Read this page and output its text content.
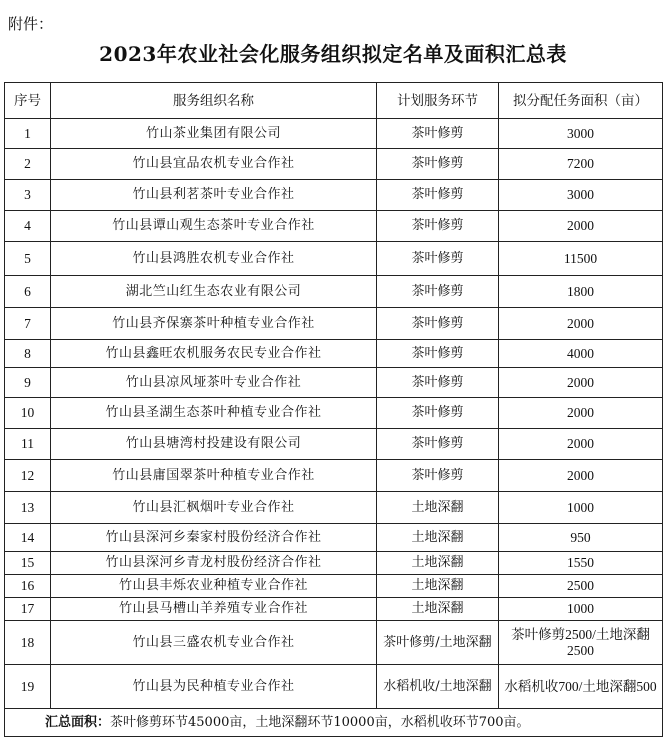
附件：
2023年农业社会化服务组织拟定名单及面积汇总表
序号	服务组织名称	计划服务环节	拟分配任务面积（亩）
1	竹山茶业集团有限公司	茶叶修剪	3000
2	竹山县宜品农机专业合作社	茶叶修剪	7200
3	竹山县利茗茶叶专业合作社	茶叶修剪	3000
4	竹山县谭山观生态茶叶专业合作社	茶叶修剪	2000
5	竹山县鸿胜农机专业合作社	茶叶修剪	11500
6	湖北竺山红生态农业有限公司	茶叶修剪	1800
7	竹山县齐保寨茶叶种植专业合作社	茶叶修剪	2000
8	竹山县鑫旺农机服务农民专业合作社	茶叶修剪	4000
9	竹山县凉风垭茶叶专业合作社	茶叶修剪	2000
10	竹山县圣湖生态茶叶种植专业合作社	茶叶修剪	2000
11	竹山县塘湾村投建设有限公司	茶叶修剪	2000
12	竹山县庸国翠茶叶种植专业合作社	茶叶修剪	2000
13	竹山县汇枫烟叶专业合作社	土地深翻	1000
14	竹山县深河乡秦家村股份经济合作社	土地深翻	950
15	竹山县深河乡青龙村股份经济合作社	土地深翻	1550
16	竹山县丰烁农业种植专业合作社	土地深翻	2500
17	竹山县马槽山羊养殖专业合作社	土地深翻	1000
18	竹山县三盛农机专业合作社	茶叶修剪/土地深翻	茶叶修剪2500/土地深翻2500
19	竹山县为民种植专业合作社	水稻机收/土地深翻	水稻机收700/土地深翻500
汇总面积：茶叶修剪环节45000亩，土地深翻环节10000亩，水稻机收环节700亩。			
